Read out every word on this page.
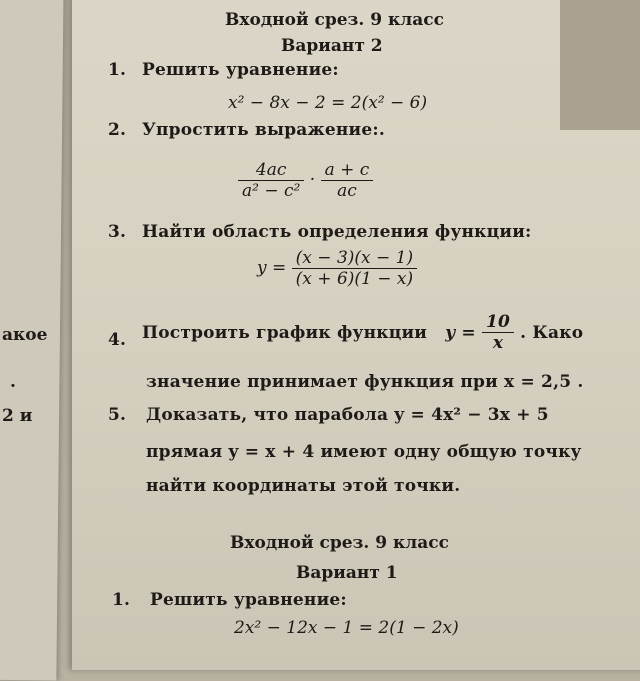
акое
.
2 и
Входной срез. 9 класс
Вариант 2
1. Решить уравнение:
x² − 8x − 2 = 2(x² − 6)
2. Упростить выражение:.
$\frac{4ac}{\text{a² − c²}} \cdot \frac{a + c}{ac}$
3. Найти область определения функции:
$y = \frac{(x - 3)(x - 1)}{(x + 6)(1 - x)}$
4. Построить график функции $y = \frac{10}{x}$ . Како
значение принимает функция при x = 2,5 .
5. Доказать, что парабола y = 4x² − 3x + 5
прямая y = x + 4 имеют одну общую точку
найти координаты этой точки.
Входной срез. 9 класс
Вариант 1
1. Решить уравнение:
2x² − 12x − 1 = 2(1 − 2x)
